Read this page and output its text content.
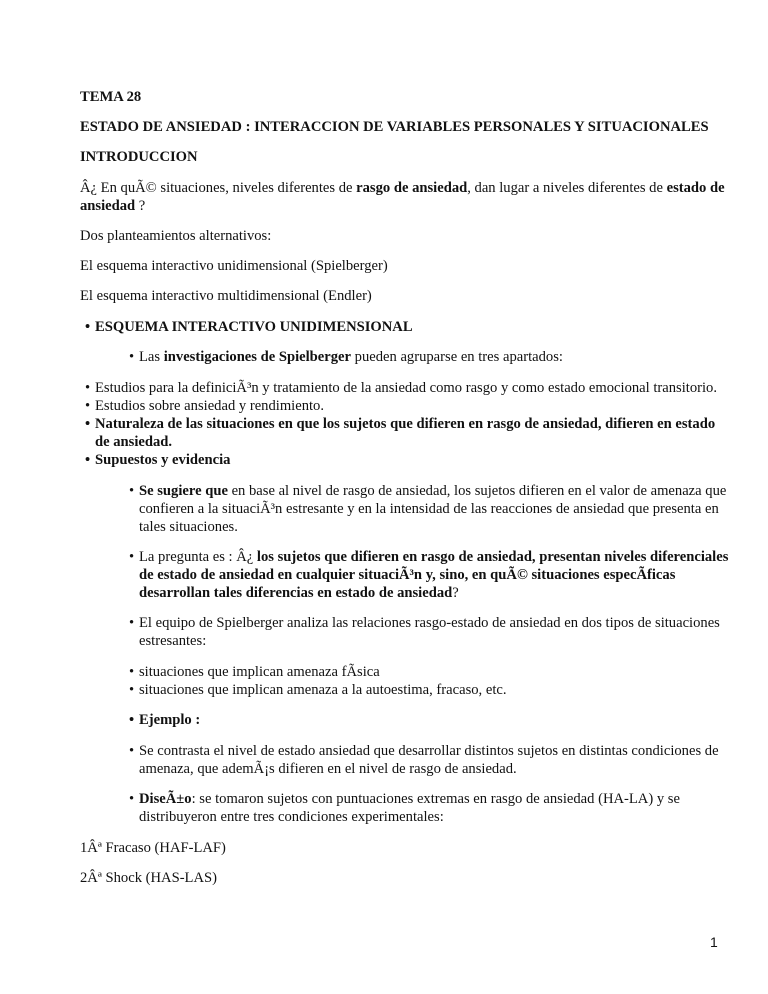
TEMA 28
ESTADO DE ANSIEDAD : INTERACCION DE VARIABLES PERSONALES Y SITUACIONALES
INTRODUCCION
Â¿ En quÃ© situaciones, niveles diferentes de rasgo de ansiedad, dan lugar a niveles diferentes de estado de
ansiedad ?
Dos planteamientos alternativos:
El esquema interactivo unidimensional (Spielberger)
El esquema interactivo multidimensional (Endler)
• ESQUEMA INTERACTIVO UNIDIMENSIONAL
• Las investigaciones de Spielberger pueden agruparse en tres apartados:
• Estudios para la definiciÃ³n y tratamiento de la ansiedad como rasgo y como estado emocional transitorio.
• Estudios sobre ansiedad y rendimiento.
• Naturaleza de las situaciones en que los sujetos que difieren en rasgo de ansiedad, difieren en estado
de ansiedad.
• Supuestos y evidencia
• Se sugiere que en base al nivel de rasgo de ansiedad, los sujetos difieren en el valor de amenaza que
confieren a la situaciÃ³n estresante y en la intensidad de las reacciones de ansiedad que presenta en
tales situaciones.
• La pregunta es : Â¿ los sujetos que difieren en rasgo de ansiedad, presentan niveles diferenciales
de estado de ansiedad en cualquier situaciÃ³n y, sino, en quÃ© situaciones especÃficas
desarrollan tales diferencias en estado de ansiedad?
• El equipo de Spielberger analiza las relaciones rasgo-estado de ansiedad en dos tipos de situaciones
estresantes:
• situaciones que implican amenaza fÃsica
• situaciones que implican amenaza a la autoestima, fracaso, etc.
• Ejemplo :
• Se contrasta el nivel de estado ansiedad que desarrollar distintos sujetos en distintas condiciones de
amenaza, que ademÃ¡s difieren en el nivel de rasgo de ansiedad.
• DiseÃ±o: se tomaron sujetos con puntuaciones extremas en rasgo de ansiedad (HA-LA) y se
distribuyeron entre tres condiciones experimentales:
1Âª Fracaso (HAF-LAF)
2Âª Shock (HAS-LAS)
1
